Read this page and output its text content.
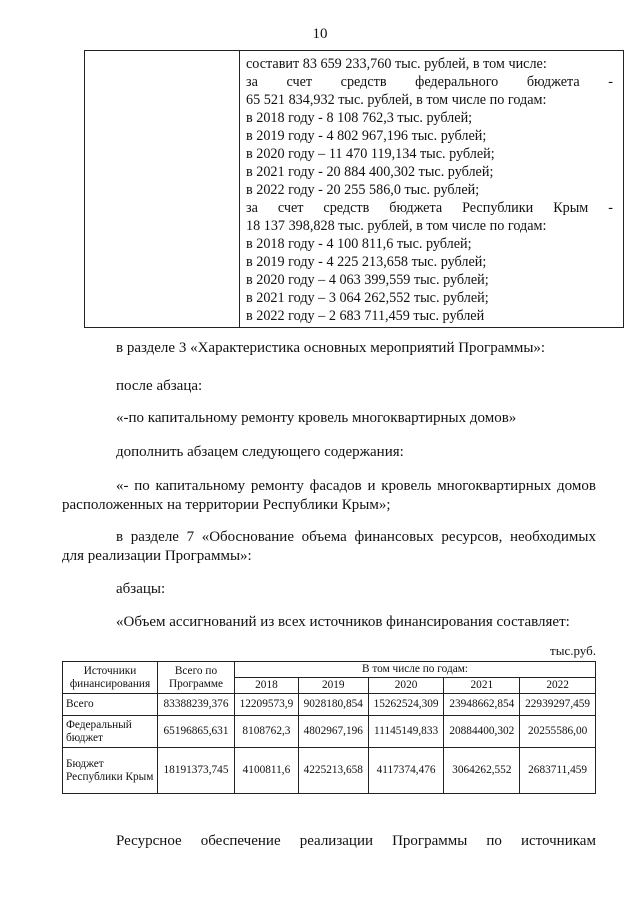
10

составит 83 659 233,760 тыс. рублей, в том числе:
за счет средств федерального бюджета -
65 521 834,932 тыс. рублей, в том числе по годам:
в 2018 году - 8 108 762,3 тыс. рублей;
в 2019 году - 4 802 967,196 тыс. рублей;
в 2020 году – 11 470 119,134 тыс. рублей;
в 2021 году - 20 884 400,302 тыс. рублей;
в 2022 году - 20 255 586,0 тыс. рублей;
за счет средств бюджета Республики Крым -
18 137 398,828 тыс. рублей, в том числе по годам:
в 2018 году - 4 100 811,6 тыс. рублей;
в 2019 году - 4 225 213,658 тыс. рублей;
в 2020 году – 4 063 399,559 тыс. рублей;
в 2021 году – 3 064 262,552 тыс. рублей;
в 2022 году – 2 683 711,459 тыс. рублей
в разделе 3 «Характеристика основных мероприятий Программы»:
после абзаца:
«-по капитальному ремонту кровель многоквартирных домов»
дополнить абзацем следующего содержания:
«- по капитальному ремонту фасадов и кровель многоквартирных домов
расположенных на территории Республики Крым»;
в разделе 7 «Обоснование объема финансовых ресурсов, необходимых
для реализации Программы»:
абзацы:
«Объем ассигнований из всех источников финансирования составляет:
тыс.руб.
Источники финансирования	Всего по Программе	В том числе по годам:				
		2018	2019	2020	2021	2022
Всего	83388239,376	12209573,9	9028180,854	15262524,309	23948662,854	22939297,459
Федеральный бюджет	65196865,631	8108762,3	4802967,196	11145149,833	20884400,302	20255586,00
Бюджет Республики Крым	18191373,745	4100811,6	4225213,658	4117374,476	3064262,552	2683711,459
Ресурсное обеспечение реализации Программы по источникам
